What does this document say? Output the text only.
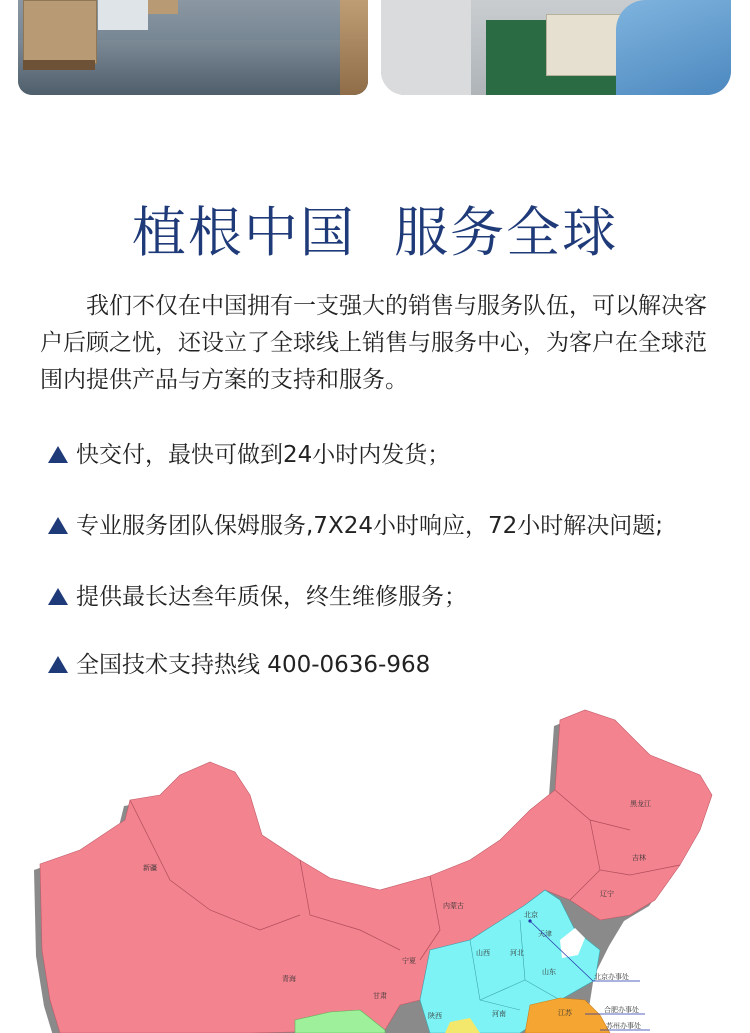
植根中国  服务全球
我们不仅在中国拥有一支强大的销售与服务队伍，可以解决客户后顾之忧，还设立了全球线上销售与服务中心，为客户在全球范围内提供产品与方案的支持和服务。
快交付，最快可做到24小时内发货；
专业服务团队保姆服务,7X24小时响应，72小时解决问题;
提供最长达叁年质保，终生维修服务；
全国技术支持热线 400-0636-968
黑龙江
吉林
辽宁
新疆
内蒙古
北京
天津
河北
山西
山东
宁夏
青海
甘肃
陕西	河南	江苏
北京办事处
合肥办事处
苏州办事处
